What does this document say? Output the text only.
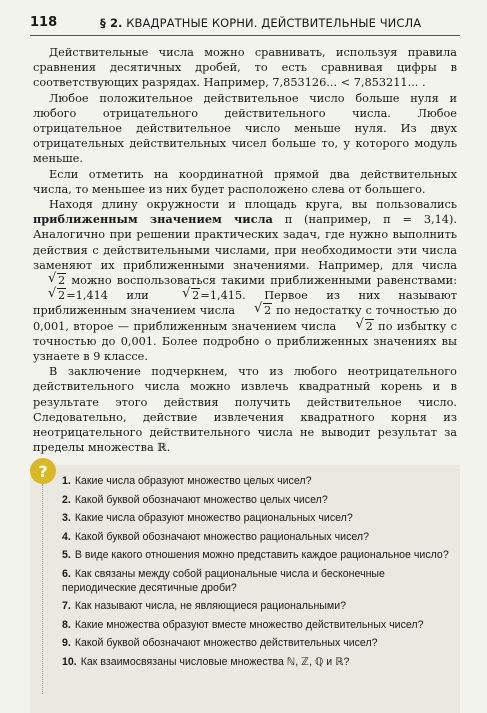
118	§ 2. КВАДРАТНЫЕ КОРНИ. ДЕЙСТВИТЕЛЬНЫЕ ЧИСЛА

Действительные числа можно сравнивать, используя правила сравнения десятичных дробей, то есть сравнивая цифры в соответствующих разрядах. Например, 7,853126... < 7,853211... .

Любое положительное действительное число больше нуля и любого отрицательного действительного числа. Любое отрицательное действительное число меньше нуля. Из двух отрицательных действительных чисел больше то, у которого модуль меньше.

Если отметить на координатной прямой два действительных числа, то меньшее из них будет расположено слева от большего.

Находя длину окружности и площадь круга, вы пользовались приближенным значением числа π (например, π = 3,14). Аналогично при решении практических задач, где нужно выполнить действия с действительными числами, при необходимости эти числа заменяют их приближенными значениями. Например, для числа √ 2 можно воспользоваться такими приближенными равенствами: √ 2=1,414 или √ 2=1,415. Первое из них называют приближенным значением числа √ 2 по недостатку с точностью до 0,001, второе — приближенным значением числа √ 2 по избытку с точностью до 0,001. Более подробно о приближенных значениях вы узнаете в 9 классе.

В заключение подчеркнем, что из любого неотрицательного действительного числа можно извлечь квадратный корень и в результате этого действия получить действительное число. Следовательно, действие извлечения квадратного корня из неотрицательного действительного числа не выводит результат за пределы множества ℝ.

?
1. Какие числа образуют множество целых чисел?
2. Какой буквой обозначают множество целых чисел?
3. Какие числа образуют множество рациональных чисел?
4. Какой буквой обозначают множество рациональных чисел?
5. В виде какого отношения можно представить каждое рациональное число?
6. Как связаны между собой рациональные числа и бесконечные периодические десятичные дроби?
7. Как называют числа, не являющиеся рациональными?
8. Какие множества образуют вместе множество действительных чисел?
9. Какой буквой обозначают множество действительных чисел?
10. Как взаимосвязаны числовые множества ℕ, ℤ, ℚ и ℝ?
